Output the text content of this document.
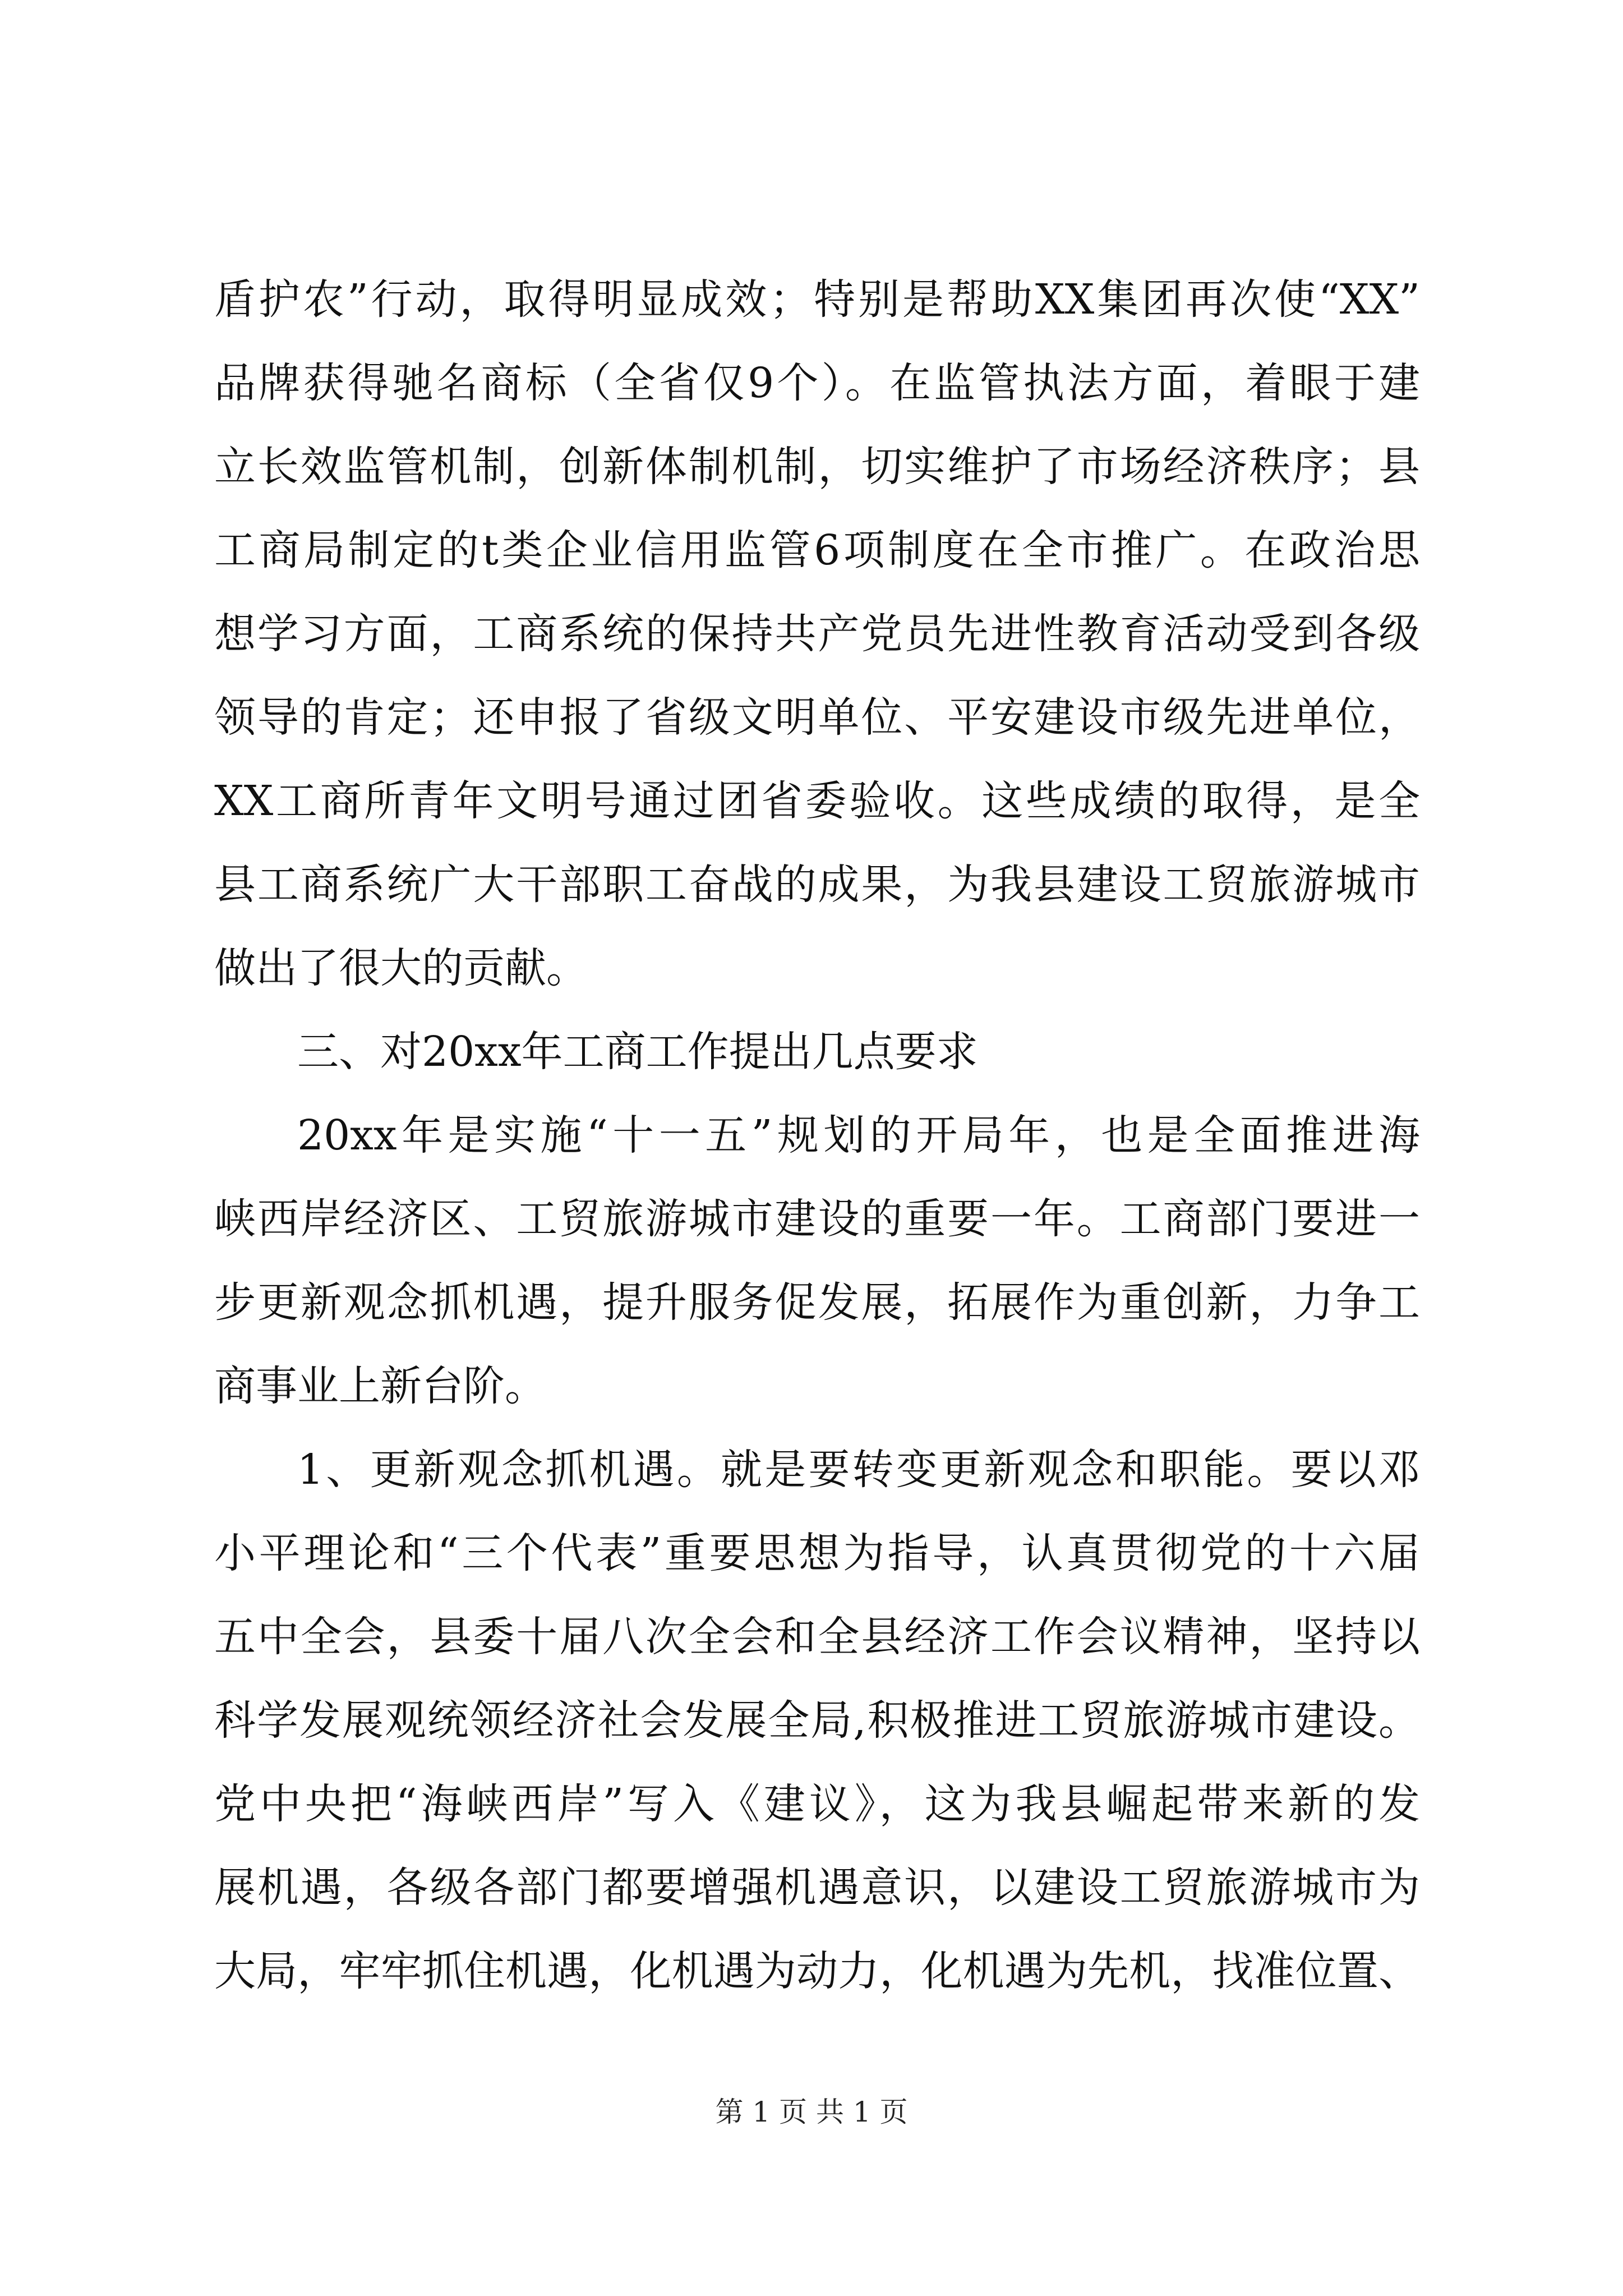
盾护农”行动，取得明显成效；特别是帮助XX集团再次使“XX”
品牌获得驰名商标（全省仅9个）。在监管执法方面，着眼于建
立长效监管机制，创新体制机制，切实维护了市场经济秩序；县
工商局制定的t类企业信用监管6项制度在全市推广。在政治思
想学习方面，工商系统的保持共产党员先进性教育活动受到各级
领导的肯定；还申报了省级文明单位、平安建设市级先进单位，
XX工商所青年文明号通过团省委验收。这些成绩的取得，是全
县工商系统广大干部职工奋战的成果，为我县建设工贸旅游城市
做出了很大的贡献。
三、对20xx年工商工作提出几点要求
20xx年是实施“十一五”规划的开局年，也是全面推进海
峡西岸经济区、工贸旅游城市建设的重要一年。工商部门要进一
步更新观念抓机遇，提升服务促发展，拓展作为重创新，力争工
商事业上新台阶。
1、更新观念抓机遇。就是要转变更新观念和职能。要以邓
小平理论和“三个代表”重要思想为指导，认真贯彻党的十六届
五中全会，县委十届八次全会和全县经济工作会议精神，坚持以
科学发展观统领经济社会发展全局,积极推进工贸旅游城市建设。
党中央把“海峡西岸”写入《建议》，这为我县崛起带来新的发
展机遇，各级各部门都要增强机遇意识，以建设工贸旅游城市为
大局，牢牢抓住机遇，化机遇为动力，化机遇为先机，找准位置、
第 1 页 共 1 页
